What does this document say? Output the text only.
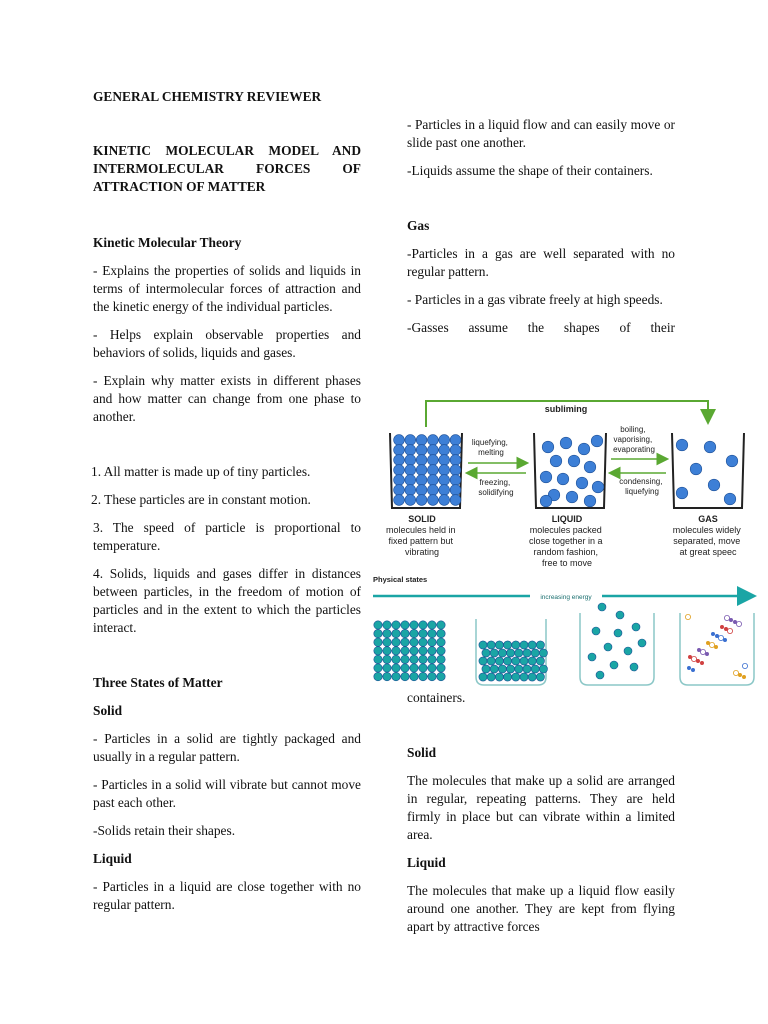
GENERAL CHEMISTRY REVIEWER

KINETIC MOLECULAR MODEL AND INTERMOLECULAR FORCES OF ATTRACTION OF MATTER

Kinetic Molecular Theory

- Explains the properties of solids and liquids in terms of intermolecular forces of attraction and the kinetic energy of the individual particles.

- Helps explain observable properties and behaviors of solids, liquids and gases.

- Explain why matter exists in different phases and how matter can change from one phase to another.

1. All matter is made up of tiny particles.

2. These particles are in constant motion.

3. The speed of particle is proportional to temperature.

4. Solids, liquids and gases differ in distances between particles, in the freedom of motion of particles and in the extent to which the particles interact.

Three States of Matter

Solid

- Particles in a solid are tightly packaged and usually in a regular pattern.

- Particles in a solid will vibrate but cannot move past each other.

-Solids retain their shapes.

Liquid

- Particles in a liquid are close together with no regular pattern.

- Particles in a liquid flow and can easily move or slide past one another.

-Liquids assume the shape of their containers.

Gas

-Particles in a gas are well separated with no regular pattern.

- Particles in a gas vibrate freely at high speeds.

-Gasses assume the shapes of their

containers.

Solid

The molecules that make up a solid are arranged in regular, repeating patterns. They are held firmly in place but can vibrate within a limited area.

Liquid

The molecules that make up a liquid flow easily around one another. They are kept from flying apart by attractive forces

subliming
liquefying, melting
freezing, solidifying
boiling, vaporising, evaporating
condensing, liquefying
SOLID
molecules held in fixed pattern but vibrating
LIQUID
molecules packed close together in a random fashion, free to move
GAS
molecules widely separated, move at great speec
Physical states
increasing energy
